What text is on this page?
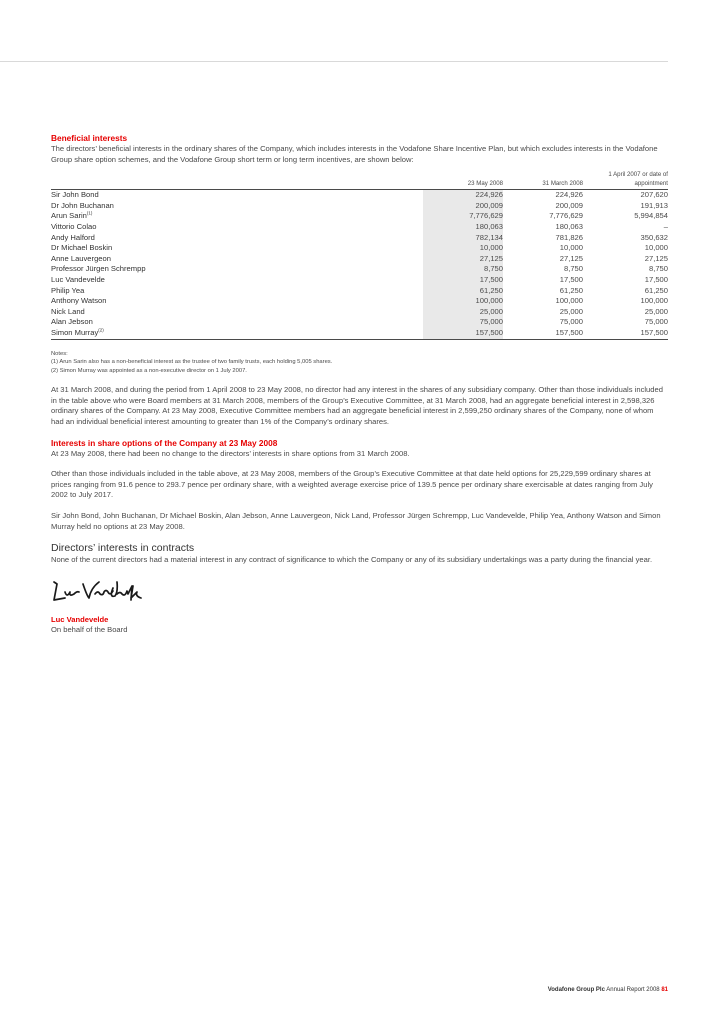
Beneficial interests

The directors’ beneficial interests in the ordinary shares of the Company, which includes interests in the Vodafone Share Incentive Plan, but which excludes interests in the Vodafone Group share option schemes, and the Vodafone Group short term or long term incentives, are shown below:

	23 May 2008	31 March 2008	1 April 2007 or date of appointment
Sir John Bond	224,926	224,926	207,620
Dr John Buchanan	200,009	200,009	191,913
Arun Sarin$^{(1)}$	7,776,629	7,776,629	5,994,854
Vittorio Colao	180,063	180,063	–
Andy Halford	782,134	781,826	350,632
Dr Michael Boskin	10,000	10,000	10,000
Anne Lauvergeon	27,125	27,125	27,125
Professor Jürgen Schrempp	8,750	8,750	8,750
Luc Vandevelde	17,500	17,500	17,500
Philip Yea	61,250	61,250	61,250
Anthony Watson	100,000	100,000	100,000
Nick Land	25,000	25,000	25,000
Alan Jebson	75,000	75,000	75,000
Simon Murray$^{(2)}$	157,500	157,500	157,500
Notes:
(1) Arun Sarin also has a non-beneficial interest as the trustee of two family trusts, each holding 5,005 shares.
(2) Simon Murray was appointed as a non-executive director on 1 July 2007.

At 31 March 2008, and during the period from 1 April 2008 to 23 May 2008, no director had any interest in the shares of any subsidiary company. Other than those individuals included in the table above who were Board members at 31 March 2008, members of the Group’s Executive Committee, at 31 March 2008, had an aggregate beneficial interest in 2,598,326 ordinary shares of the Company. At 23 May 2008, Executive Committee members had an aggregate beneficial interest in 2,599,250 ordinary shares of the Company, none of whom had an individual beneficial interest amounting to greater than 1% of the Company’s ordinary shares.

Interests in share options of the Company at 23 May 2008

At 23 May 2008, there had been no change to the directors’ interests in share options from 31 March 2008.

Other than those individuals included in the table above, at 23 May 2008, members of the Group’s Executive Committee at that date held options for 25,229,599 ordinary shares at prices ranging from 91.6 pence to 293.7 pence per ordinary share, with a weighted average exercise price of 139.5 pence per ordinary share exercisable at dates ranging from July 2002 to July 2017.

Sir John Bond, John Buchanan, Dr Michael Boskin, Alan Jebson, Anne Lauvergeon, Nick Land, Professor Jürgen Schrempp, Luc Vandevelde, Philip Yea, Anthony Watson and Simon Murray held no options at 23 May 2008.

Directors’ interests in contracts

None of the current directors had a material interest in any contract of significance to which the Company or any of its subsidiary undertakings was a party during the financial year.

Luc Vandevelde

On behalf of the Board

Vodafone Group Plc Annual Report 2008 81
